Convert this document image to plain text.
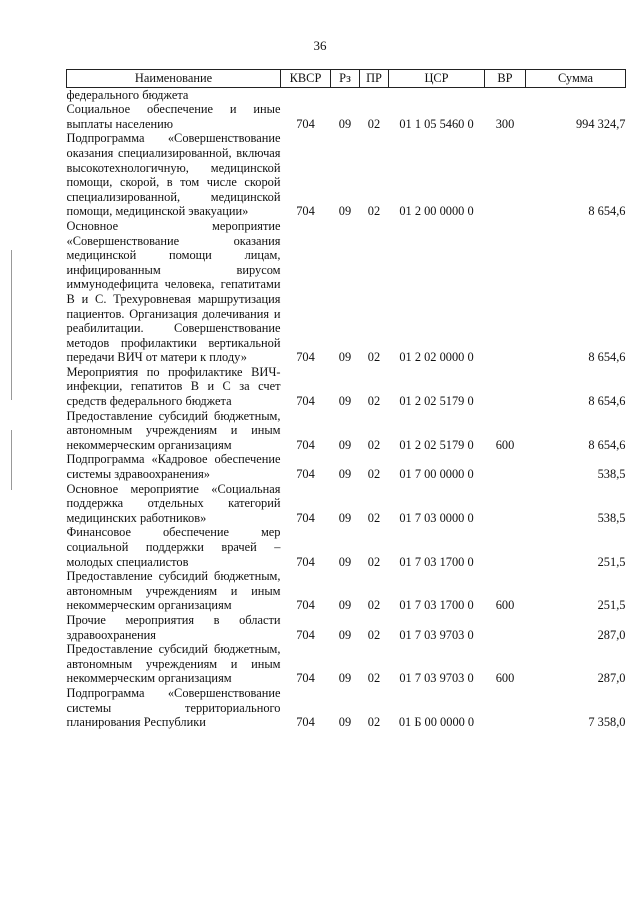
36
Наименование	КВСР	Рз	ПР	ЦСР	ВР	Сумма
федерального бюджета						
Социальное обеспечение и иные выплаты населению	704	09	02	01 1 05 5460 0	300	994 324,7
Подпрограмма «Совершенствование оказания специализированной, включая высокотехнологичную, медицинской помощи, скорой, в том числе скорой специализированной, медицинской помощи, медицинской эвакуации»	704	09	02	01 2 00 0000 0		8 654,6
Основное мероприятие «Совершенствование оказания медицинской помощи лицам, инфицированным вирусом иммунодефицита человека, гепатитами В и С. Трехуровневая маршрутизация пациентов. Организация долечивания и реабилитации. Совершенствование методов профилактики вертикальной передачи ВИЧ от матери к плоду»	704	09	02	01 2 02 0000 0		8 654,6
Мероприятия по профилактике ВИЧ-инфекции, гепатитов В и С за счет средств федерального бюджета	704	09	02	01 2 02 5179 0		8 654,6
Предоставление субсидий бюджетным, автономным учреждениям и иным некоммерческим организациям	704	09	02	01 2 02 5179 0	600	8 654,6
Подпрограмма «Кадровое обеспечение системы здравоохранения»	704	09	02	01 7 00 0000 0		538,5
Основное мероприятие «Социальная поддержка отдельных категорий медицинских работников»	704	09	02	01 7 03 0000 0		538,5
Финансовое обеспечение мер социальной поддержки врачей – молодых специалистов	704	09	02	01 7 03 1700 0		251,5
Предоставление субсидий бюджетным, автономным учреждениям и иным некоммерческим организациям	704	09	02	01 7 03 1700 0	600	251,5
Прочие мероприятия в области здравоохранения	704	09	02	01 7 03 9703 0		287,0
Предоставление субсидий бюджетным, автономным учреждениям и иным некоммерческим организациям	704	09	02	01 7 03 9703 0	600	287,0
Подпрограмма «Совершенствование системы территориального планирования Республики	704	09	02	01 Б 00 0000 0		7 358,0
